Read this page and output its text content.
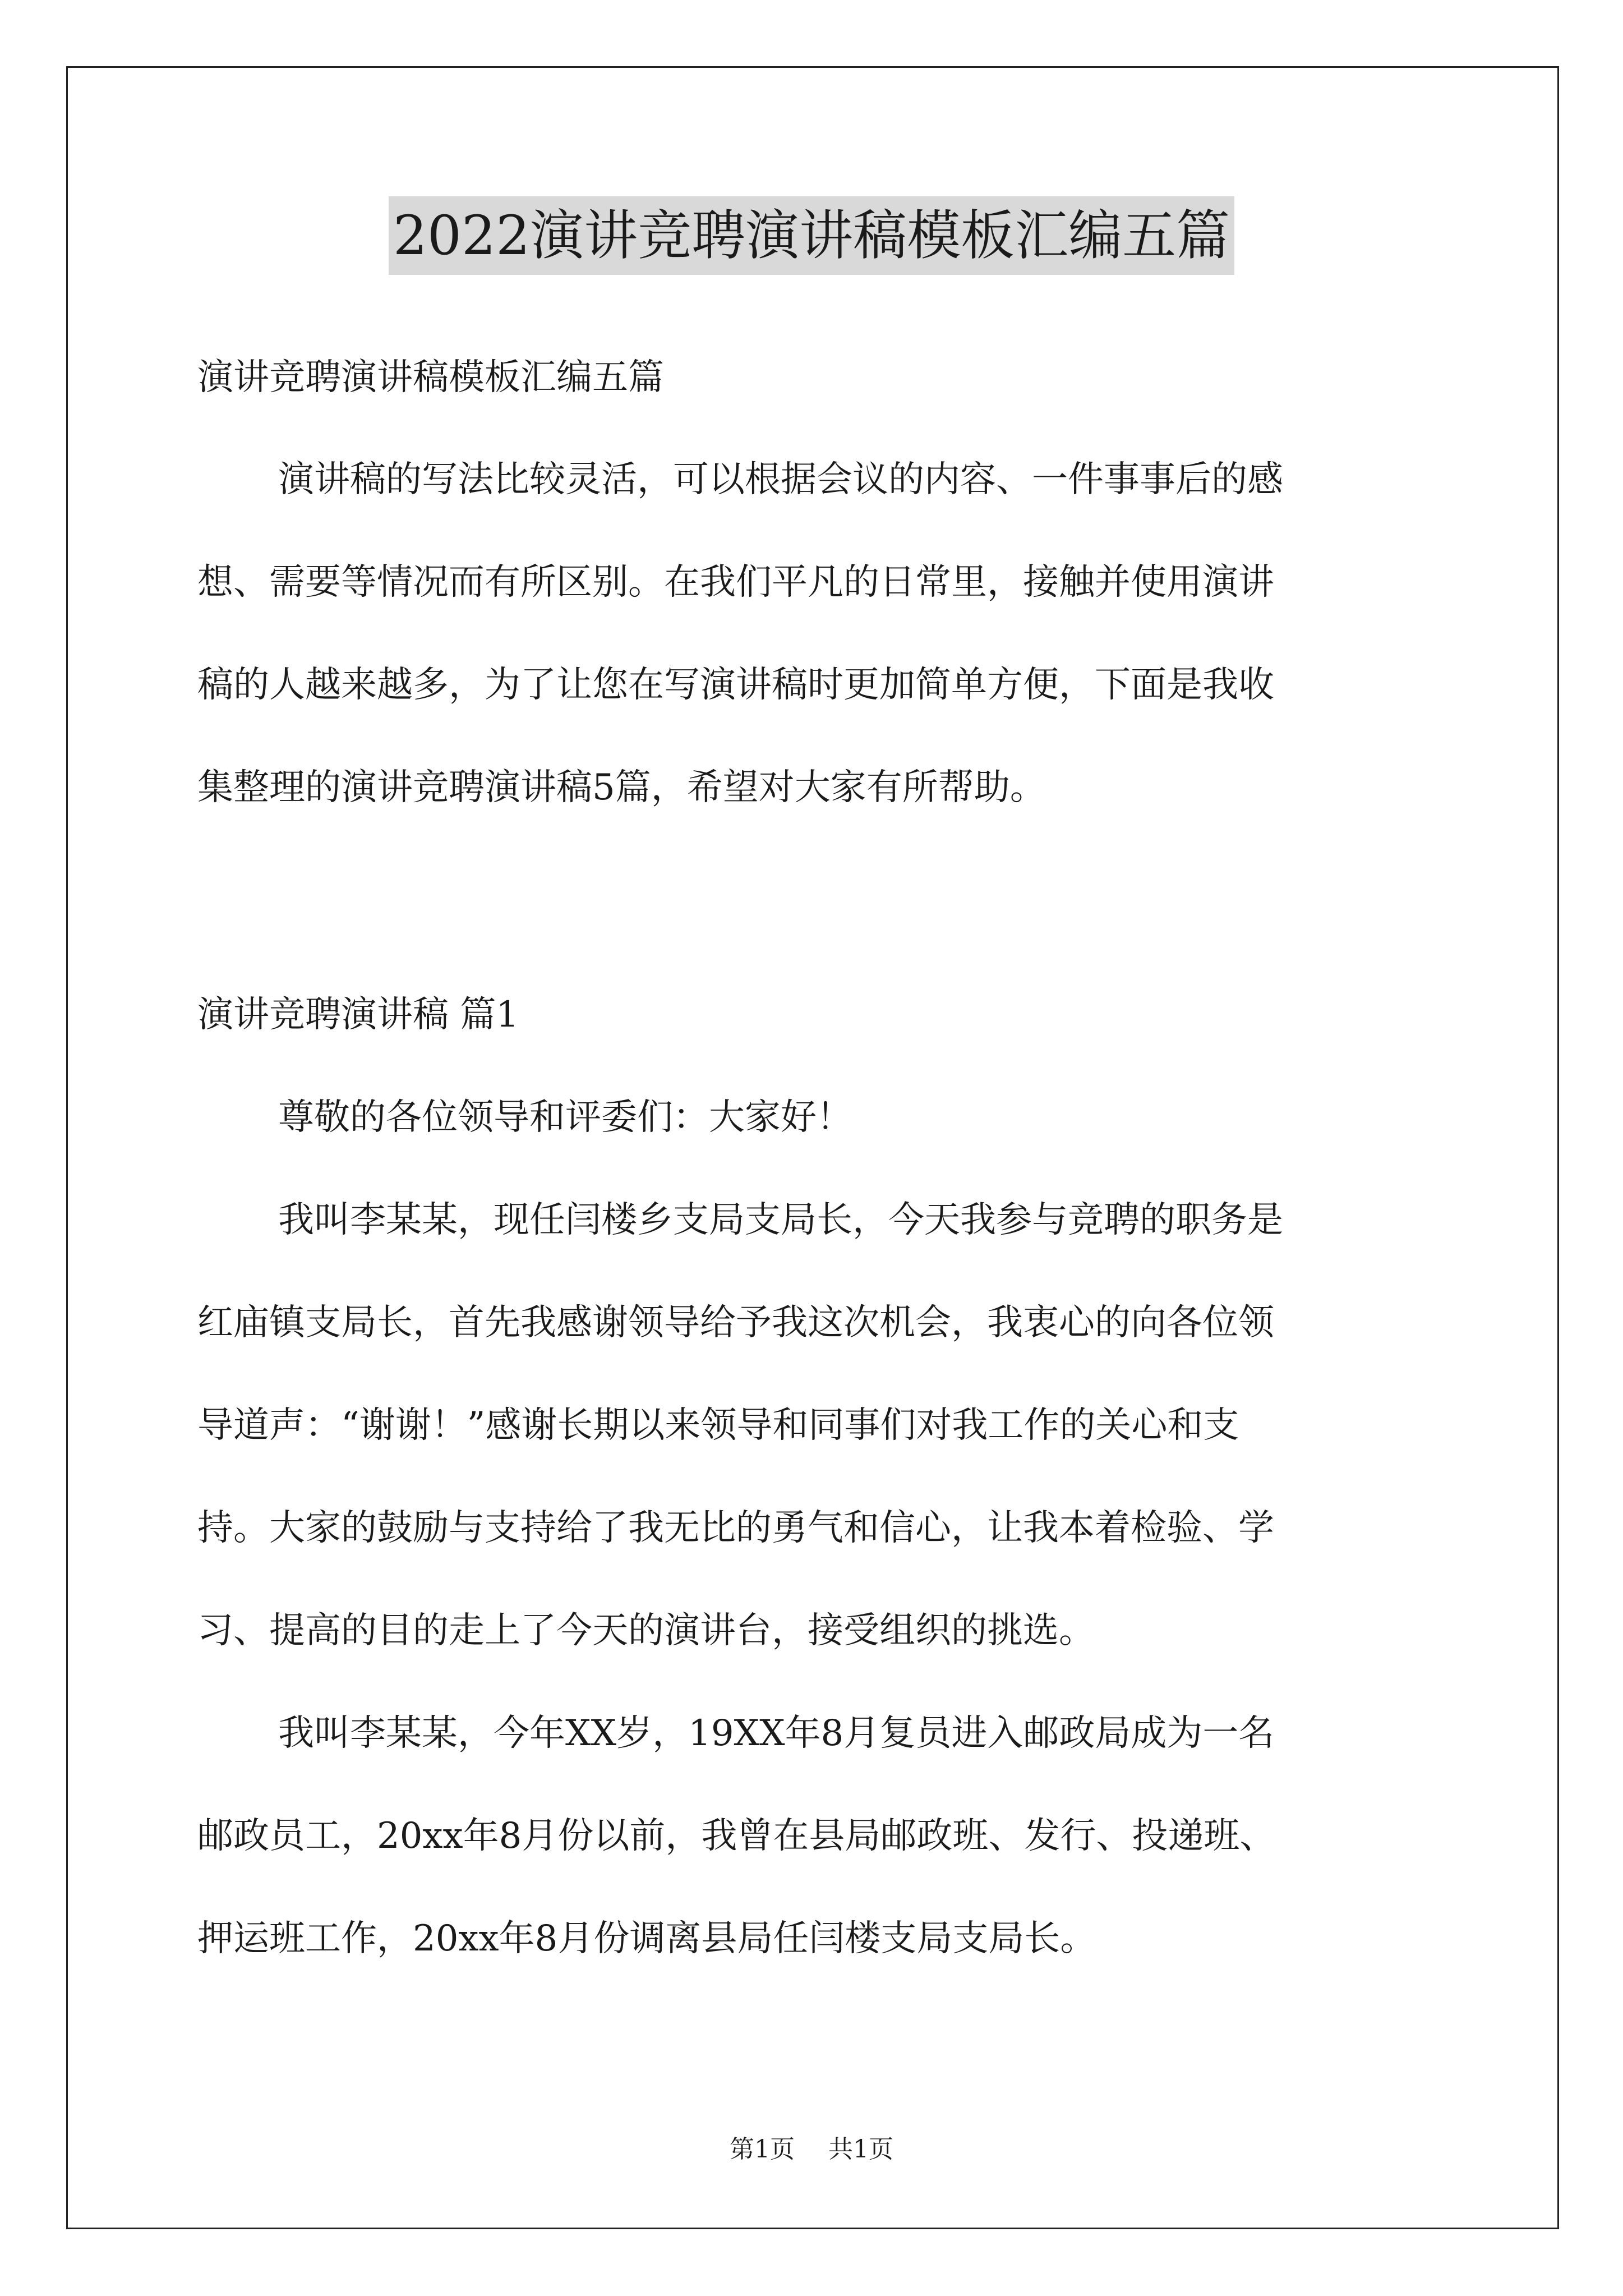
2022演讲竞聘演讲稿模板汇编五篇
演讲竞聘演讲稿模板汇编五篇
演讲稿的写法比较灵活，可以根据会议的内容、一件事事后的感
想、需要等情况而有所区别。在我们平凡的日常里，接触并使用演讲
稿的人越来越多，为了让您在写演讲稿时更加简单方便，下面是我收
集整理的演讲竞聘演讲稿5篇，希望对大家有所帮助。
演讲竞聘演讲稿 篇1
尊敬的各位领导和评委们：大家好！
我叫李某某，现任闫楼乡支局支局长，今天我参与竞聘的职务是
红庙镇支局长，首先我感谢领导给予我这次机会，我衷心的向各位领
导道声：“谢谢！”感谢长期以来领导和同事们对我工作的关心和支
持。大家的鼓励与支持给了我无比的勇气和信心，让我本着检验、学
习、提高的目的走上了今天的演讲台，接受组织的挑选。
我叫李某某，今年XX岁，19XX年8月复员进入邮政局成为一名
邮政员工，20xx年8月份以前，我曾在县局邮政班、发行、投递班、
押运班工作，20xx年8月份调离县局任闫楼支局支局长。
第1页 共1页
